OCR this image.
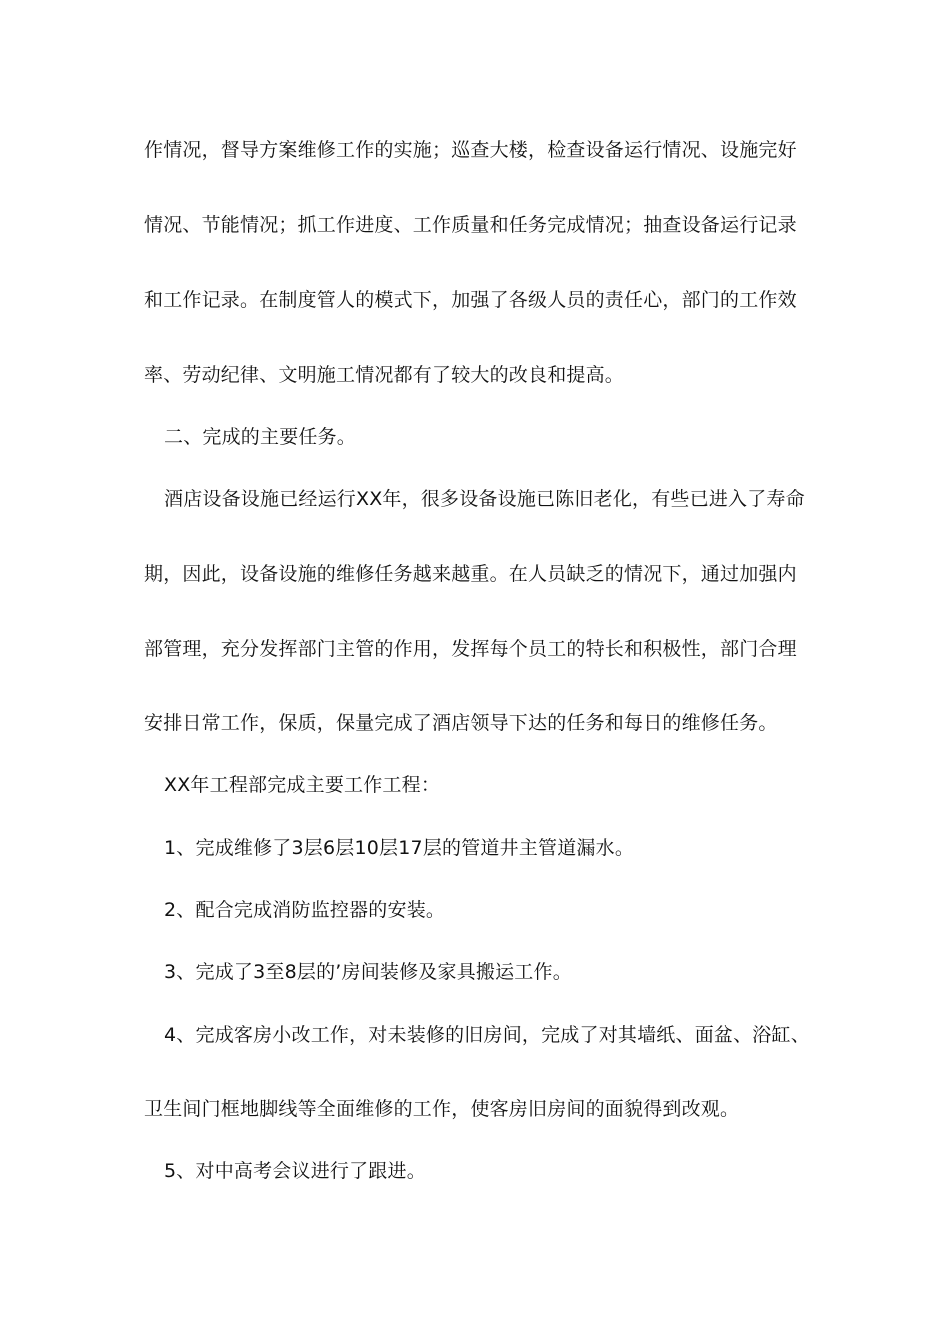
作情况，督导方案维修工作的实施；巡查大楼，检查设备运行情况、设施完好
情况、节能情况；抓工作进度、工作质量和任务完成情况；抽查设备运行记录
和工作记录。在制度管人的模式下，加强了各级人员的责任心，部门的工作效
率、劳动纪律、文明施工情况都有了较大的改良和提高。
二、完成的主要任务。
酒店设备设施已经运行XX年，很多设备设施已陈旧老化，有些已进入了寿命
期，因此，设备设施的维修任务越来越重。在人员缺乏的情况下，通过加强内
部管理，充分发挥部门主管的作用，发挥每个员工的特长和积极性，部门合理
安排日常工作，保质，保量完成了酒店领导下达的任务和每日的维修任务。
XX年工程部完成主要工作工程：
1、完成维修了3层6层10层17层的管道井主管道漏水。
2、配合完成消防监控器的安装。
3、完成了3至8层的’房间装修及家具搬运工作。
4、完成客房小改工作，对未装修的旧房间，完成了对其墙纸、面盆、浴缸、
卫生间门框地脚线等全面维修的工作，使客房旧房间的面貌得到改观。
5、对中高考会议进行了跟进。
